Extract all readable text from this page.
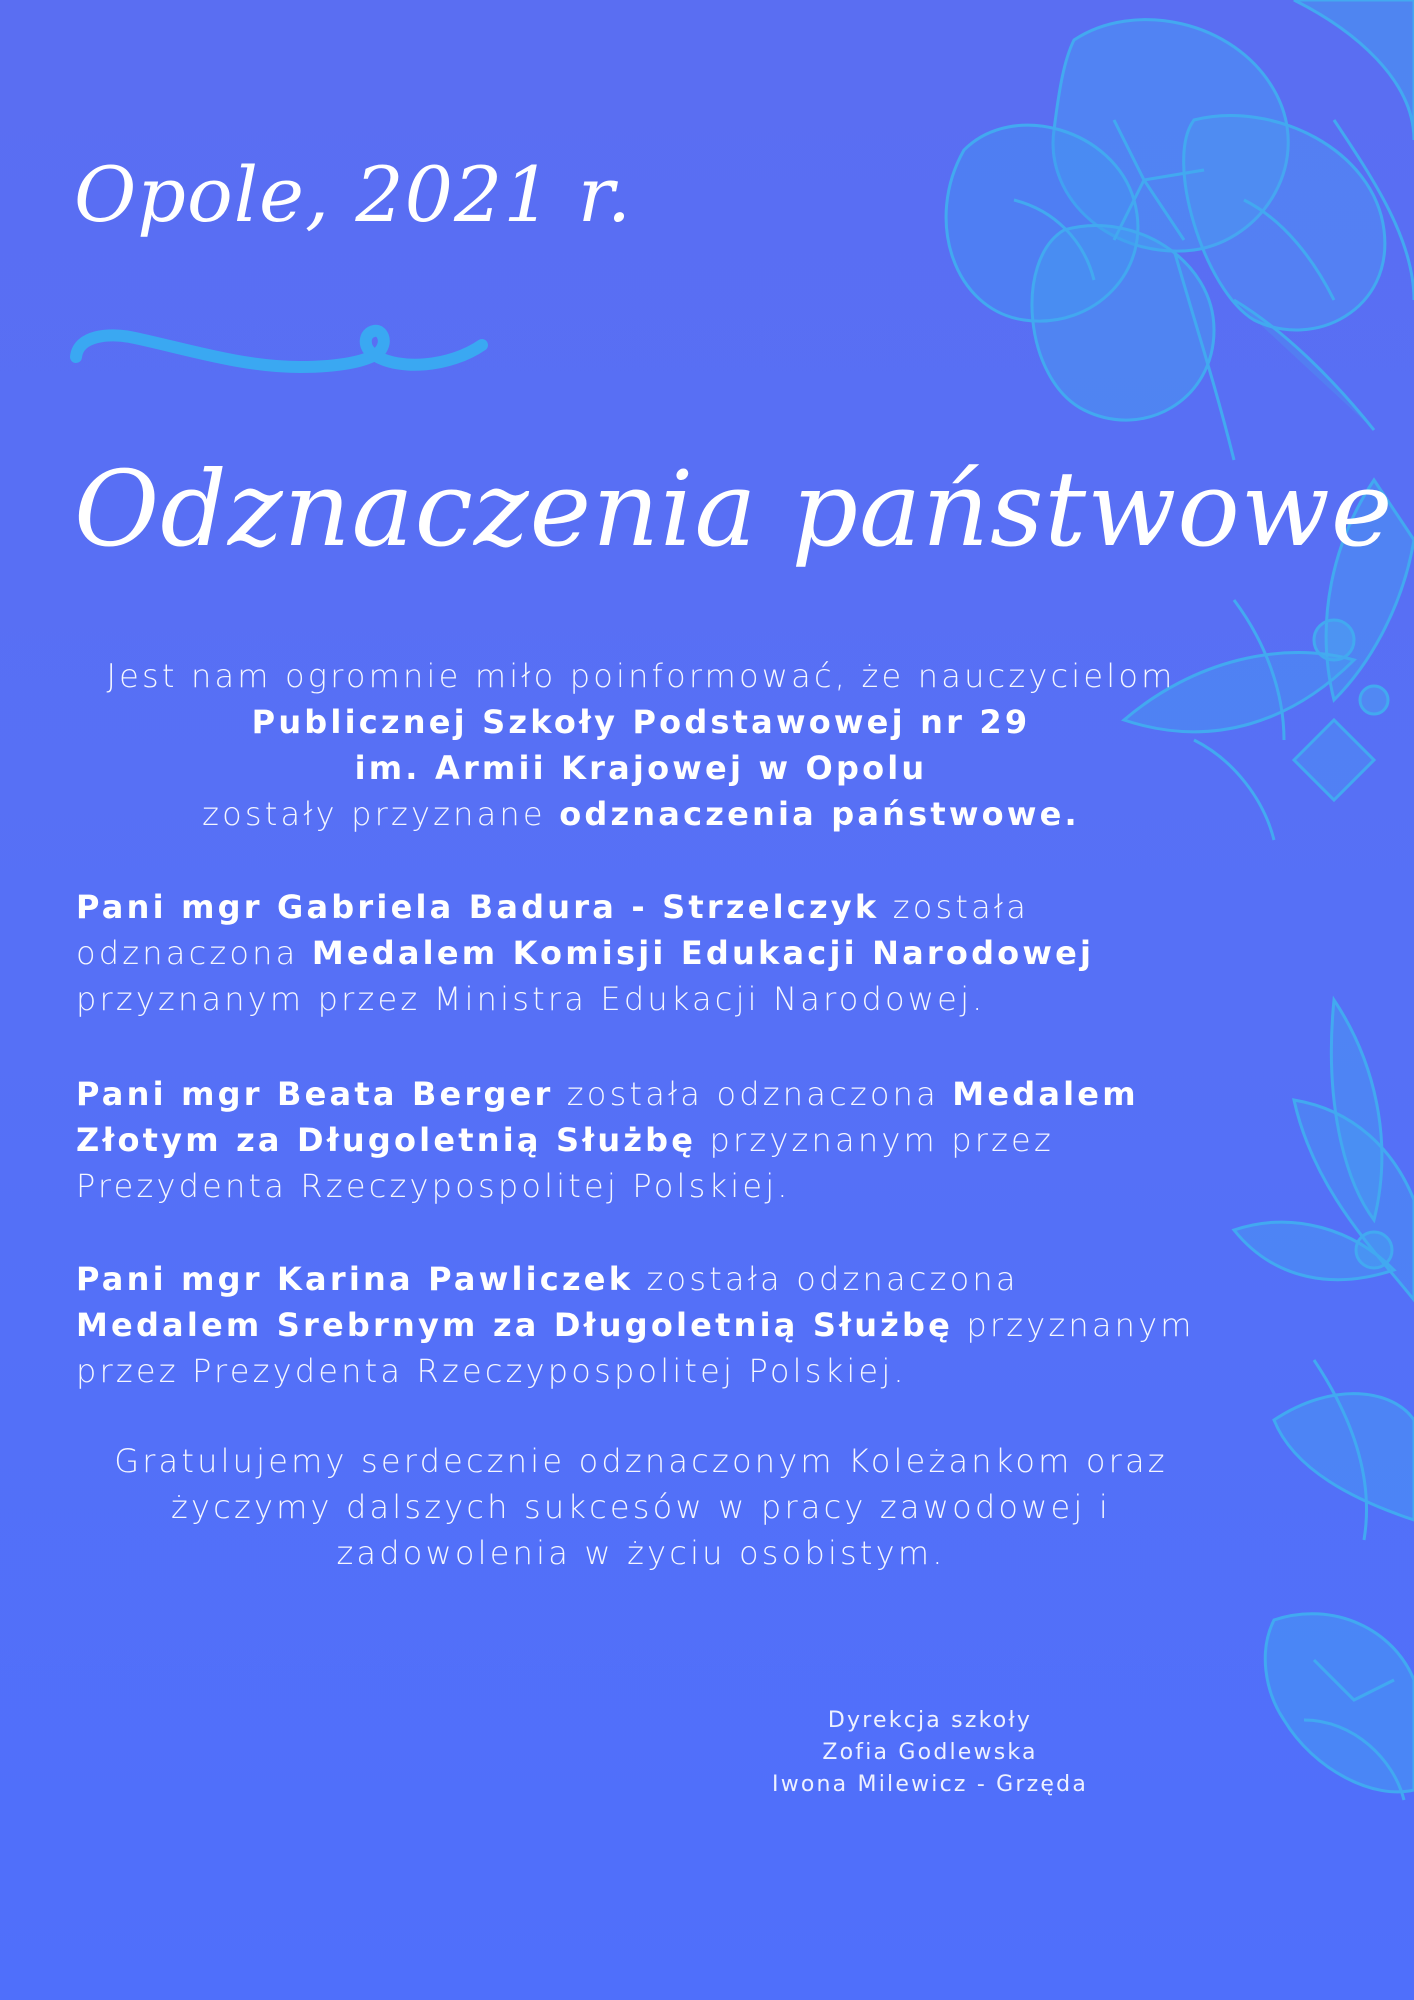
Opole, 2021 r.
Odznaczenia państwowe
Jest nam ogromnie miło poinformować, że nauczycielom
Publicznej Szkoły Podstawowej nr 29
im. Armii Krajowej w Opolu
zostały przyznane odznaczenia państwowe.
Pani mgr Gabriela Badura - Strzelczyk została odznaczona Medalem Komisji Edukacji Narodowej przyznanym przez Ministra Edukacji Narodowej.
Pani mgr Beata Berger została odznaczona Medalem Złotym za Długoletnią Służbę przyznanym przez Prezydenta Rzeczypospolitej Polskiej.
Pani mgr Karina Pawliczek została odznaczona Medalem Srebrnym za Długoletnią Służbę przyznanym przez Prezydenta Rzeczypospolitej Polskiej.
Gratulujemy serdecznie odznaczonym Koleżankom oraz
życzymy dalszych sukcesów w pracy zawodowej i
zadowolenia w życiu osobistym.
Dyrekcja szkoły
Zofia Godlewska
Iwona Milewicz - Grzęda
